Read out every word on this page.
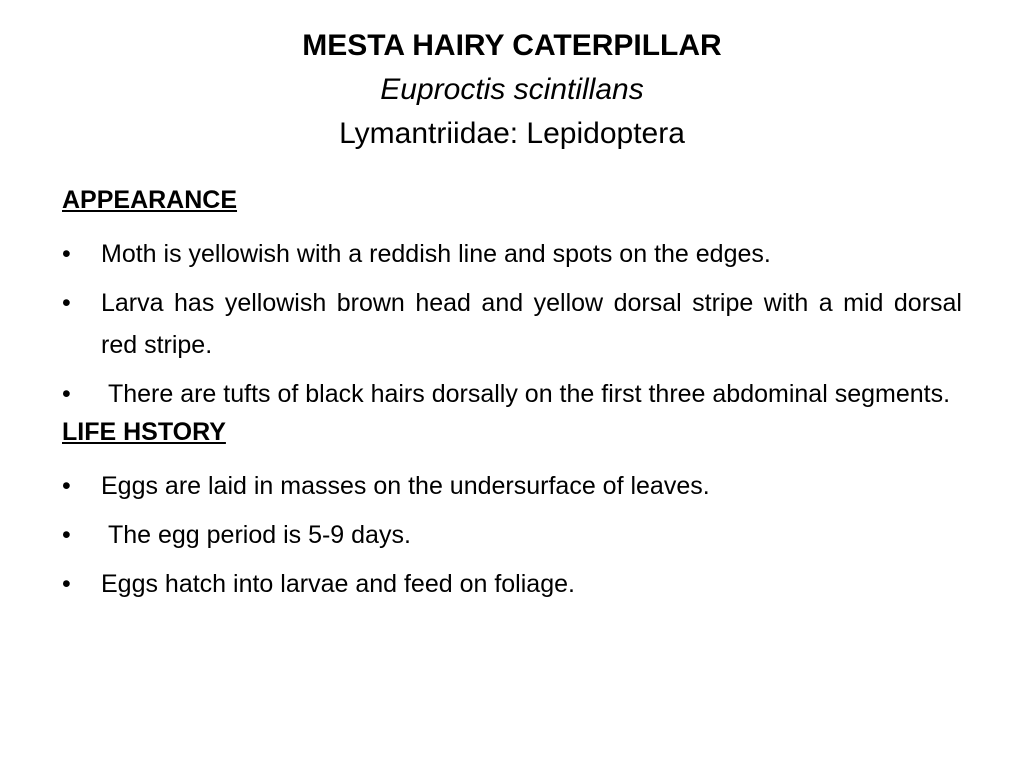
MESTA HAIRY CATERPILLAR
Euproctis scintillans
Lymantriidae: Lepidoptera
APPEARANCE
•	Moth is yellowish with a reddish line and spots on the edges.
•	Larva has yellowish brown head and yellow dorsal stripe with a mid dorsal red stripe.
•	There are tufts of black hairs dorsally on the first three abdominal segments.
LIFE HSTORY
•	Eggs are laid in masses on the undersurface of leaves.
•	The egg period is 5-9 days.
•	Eggs hatch into larvae and feed on foliage.
